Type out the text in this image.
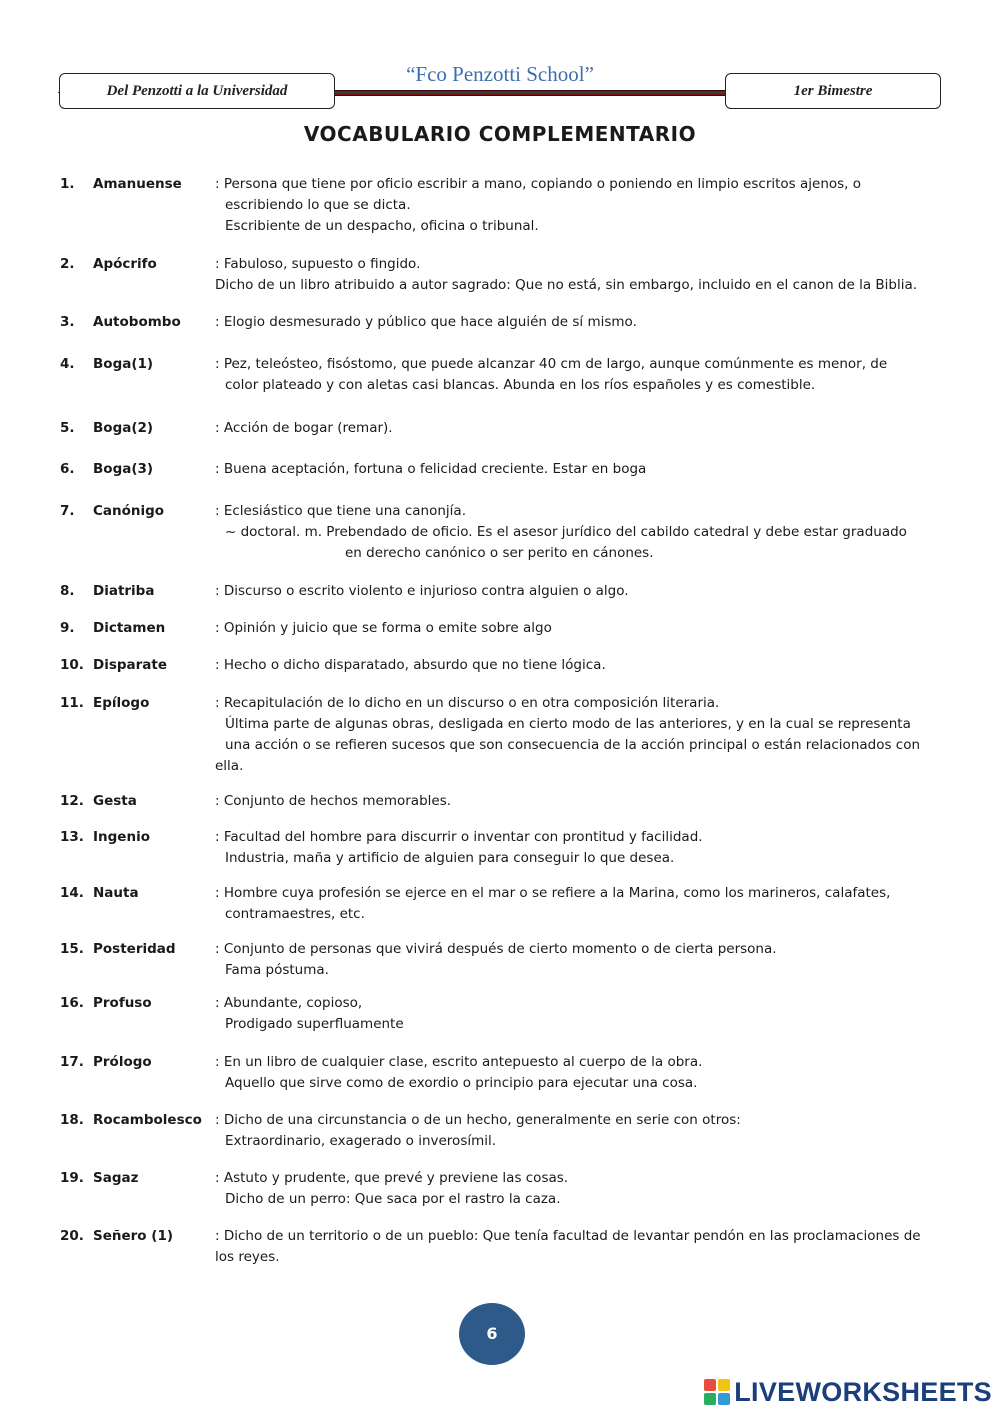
“Fco Penzotti School”
Del Penzotti a la Universidad	1er Bimestre
VOCABULARIO COMPLEMENTARIO
1. Amanuense : Persona que tiene por oficio escribir a mano, copiando o poniendo en limpio escritos ajenos, o
escribiendo lo que se dicta.
Escribiente de un despacho, oficina o tribunal.
2. Apócrifo	: Fabuloso, supuesto o fingido.
Dicho de un libro atribuido a autor sagrado: Que no está, sin embargo, incluido en el canon de la Biblia.
3. Autobombo	: Elogio desmesurado y público que hace alguién de sí mismo.
4. Boga(1)	: Pez, teleósteo, fisóstomo, que puede alcanzar 40 cm de largo, aunque comúnmente es menor, de
color plateado y con aletas casi blancas. Abunda en los ríos españoles y es comestible.
5. Boga(2)	: Acción de bogar (remar).
6. Boga(3)	: Buena aceptación, fortuna o felicidad creciente. Estar en boga
7. Canónigo	: Eclesiástico que tiene una canonjía.
~ doctoral. m. Prebendado de oficio. Es el asesor jurídico del cabildo catedral y debe estar graduado
en derecho canónico o ser perito en cánones.
8. Diatriba	: Discurso o escrito violento e injurioso contra alguien o algo.
9. Dictamen	: Opinión y juicio que se forma o emite sobre algo
10. Disparate	: Hecho o dicho disparatado, absurdo que no tiene lógica.
11. Epílogo	: Recapitulación de lo dicho en un discurso o en otra composición literaria.
Última parte de algunas obras, desligada en cierto modo de las anteriores, y en la cual se representa
una acción o se refieren sucesos que son consecuencia de la acción principal o están relacionados con
ella.
12. Gesta	: Conjunto de hechos memorables.
13. Ingenio	: Facultad del hombre para discurrir o inventar con prontitud y facilidad.
Industria, maña y artificio de alguien para conseguir lo que desea.
14. Nauta	: Hombre cuya profesión se ejerce en el mar o se refiere a la Marina, como los marineros, calafates,
contramaestres, etc.
15. Posteridad	: Conjunto de personas que vivirá después de cierto momento o de cierta persona.
Fama póstuma.
16. Profuso	: Abundante, copioso,
Prodigado superfluamente
17. Prólogo	: En un libro de cualquier clase, escrito antepuesto al cuerpo de la obra.
Aquello que sirve como de exordio o principio para ejecutar una cosa.
18. Rocambolesco : Dicho de una circunstancia o de un hecho, generalmente en serie con otros:
Extraordinario, exagerado o inverosímil.
19. Sagaz	: Astuto y prudente, que prevé y previene las cosas.
Dicho de un perro: Que saca por el rastro la caza.
20. Señero (1)	: Dicho de un territorio o de un pueblo: Que tenía facultad de levantar pendón en las proclamaciones de
los reyes.
6
LIVEWORKSHEETS
